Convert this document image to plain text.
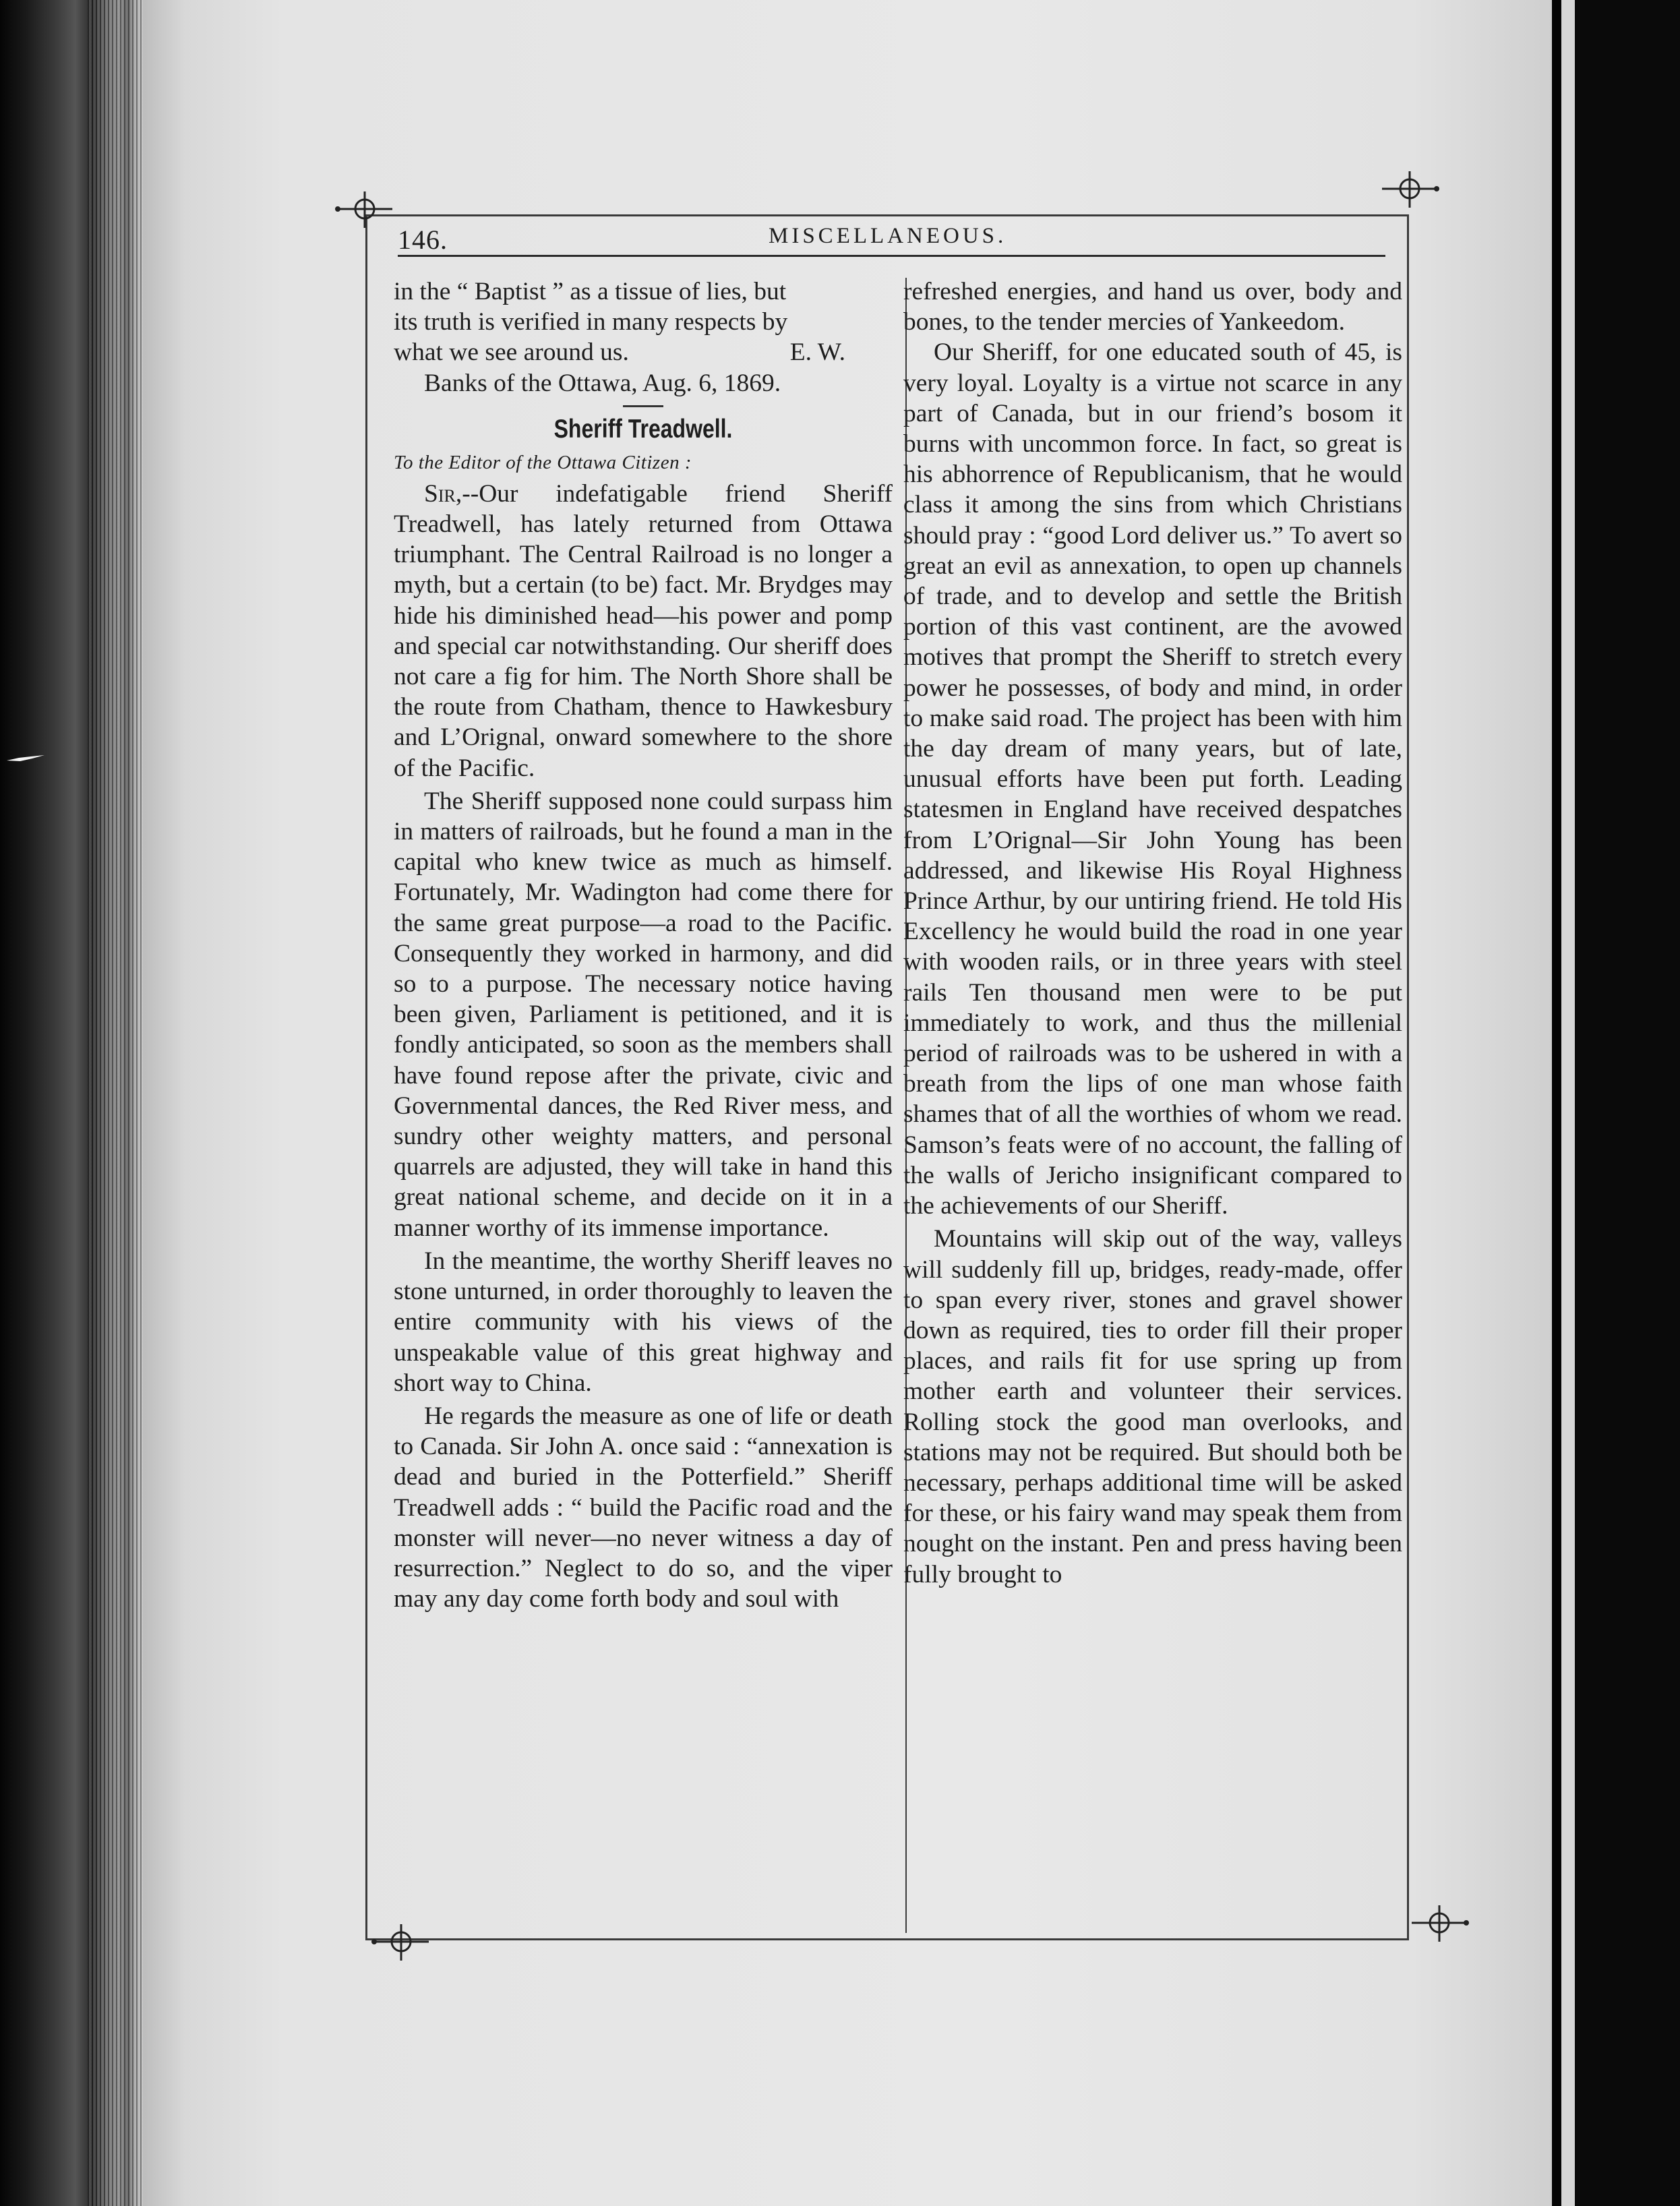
146.	MISCELLANEOUS.

in the “ Baptist ” as a tissue of lies, but

its truth is verified in many respects by

what we see around us.	E. W.
Banks of the Ottawa, Aug. 6, 1869.
Sheriff Treadwell.
To the Editor of the Ottawa Citizen :

Sir,--Our indefatigable friend Sheriff Treadwell, has lately returned from Ottawa triumphant. The Central Railroad is no longer a myth, but a certain (to be) fact. Mr. Brydges may hide his diminished head—his power and pomp and special car notwithstanding. Our sheriff does not care a fig for him. The North Shore shall be the route from Chatham, thence to Hawkesbury and L’Orignal, onward somewhere to the shore of the Pacific.

The Sheriff supposed none could surpass him in matters of railroads, but he found a man in the capital who knew twice as much as himself. Fortunately, Mr. Wadington had come there for the same great purpose—a road to the Pacific. Consequently they worked in harmony, and did so to a purpose. The necessary notice having been given, Parliament is petitioned, and it is fondly anticipated, so soon as the members shall have found repose after the private, civic and Governmental dances, the Red River mess, and sundry other weighty matters, and personal quarrels are adjusted, they will take in hand this great national scheme, and decide on it in a manner worthy of its immense importance.

In the meantime, the worthy Sheriff leaves no stone unturned, in order thoroughly to leaven the entire community with his views of the unspeakable value of this great highway and short way to China.

He regards the measure as one of life or death to Canada. Sir John A. once said : “annexation is dead and buried in the Potterfield.” Sheriff Treadwell adds : “ build the Pacific road and the monster will never—no never witness a day of resurrection.” Neglect to do so, and the viper may any day come forth body and soul with

refreshed energies, and hand us over, body and bones, to the tender mercies of Yankeedom.

Our Sheriff, for one educated south of 45, is very loyal. Loyalty is a virtue not scarce in any part of Canada, but in our friend’s bosom it burns with uncommon force. In fact, so great is his abhorrence of Republicanism, that he would class it among the sins from which Christians should pray : “good Lord deliver us.” To avert so great an evil as annexation, to open up channels of trade, and to develop and settle the British portion of this vast continent, are the avowed motives that prompt the Sheriff to stretch every power he possesses, of body and mind, in order to make said road. The project has been with him the day dream of many years, but of late, unusual efforts have been put forth. Leading statesmen in England have received despatches from L’Orignal—Sir John Young has been addressed, and likewise His Royal Highness Prince Arthur, by our untiring friend. He told His Excellency he would build the road in one year with wooden rails, or in three years with steel rails Ten thousand men were to be put immediately to work, and thus the millenial period of railroads was to be ushered in with a breath from the lips of one man whose faith shames that of all the worthies of whom we read. Samson’s feats were of no account, the falling of the walls of Jericho insignificant compared to the achievements of our Sheriff.

Mountains will skip out of the way, valleys will suddenly fill up, bridges, ready-made, offer to span every river, stones and gravel shower down as required, ties to order fill their proper places, and rails fit for use spring up from mother earth and volunteer their services. Rolling stock the good man overlooks, and stations may not be required. But should both be necessary, perhaps additional time will be asked for these, or his fairy wand may speak them from nought on the instant. Pen and press having been fully brought to
